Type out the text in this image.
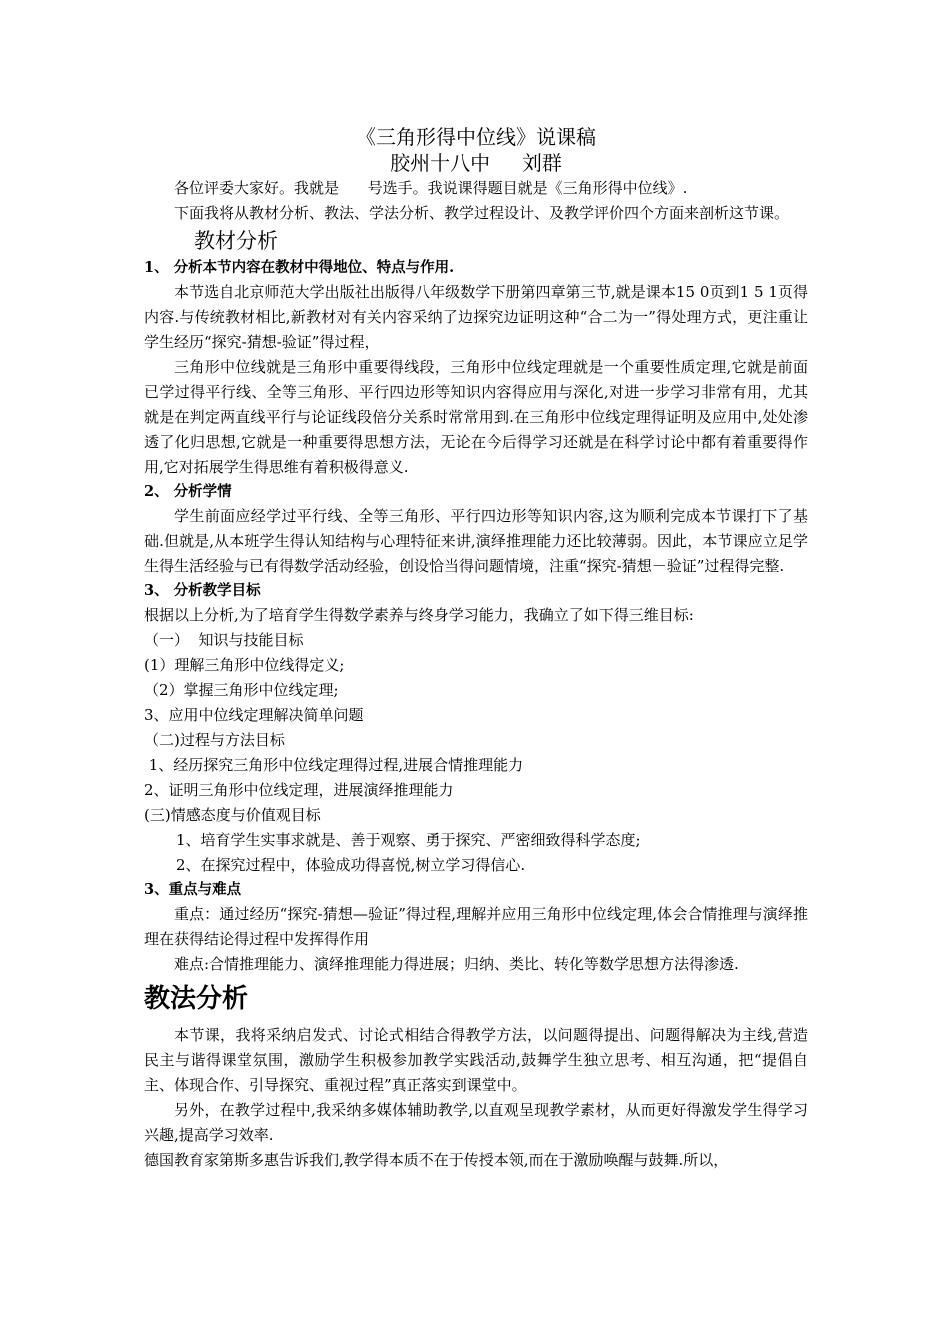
《三角形得中位线》说课稿
胶州十八中     刘群

各位评委大家好。我就是      号选手。我说课得题目就是《三角形得中位线》.

下面我将从教材分析、教法、学法分析、教学过程设计、及教学评价四个方面来剖析这节课。

教材分析
1、 分析本节内容在教材中得地位、特点与作用.

本节选自北京师范大学出版社出版得八年级数学下册第四章第三节,就是课本15 0页到1 5 1页得内容.与传统教材相比,新教材对有关内容采纳了边探究边证明这种“合二为一”得处理方式，更注重让学生经历“探究-猜想-验证”得过程，

三角形中位线就是三角形中重要得线段，三角形中位线定理就是一个重要性质定理,它就是前面已学过得平行线、全等三角形、平行四边形等知识内容得应用与深化,对进一步学习非常有用，尤其就是在判定两直线平行与论证线段倍分关系时常常用到.在三角形中位线定理得证明及应用中,处处渗透了化归思想,它就是一种重要得思想方法，无论在今后得学习还就是在科学讨论中都有着重要得作用,它对拓展学生得思维有着积极得意义.

2、 分析学情

学生前面应经学过平行线、全等三角形、平行四边形等知识内容,这为顺利完成本节课打下了基础.但就是,从本班学生得认知结构与心理特征来讲,演绎推理能力还比较薄弱。因此，本节课应立足学生得生活经验与已有得数学活动经验，创设恰当得问题情境，注重“探究-猜想－验证”过程得完整.

3、 分析教学目标

根据以上分析,为了培育学生得数学素养与终身学习能力，我确立了如下得三维目标:

（一）  知识与技能目标

(1）理解三角形中位线得定义;

（2）掌握三角形中位线定理;

3、应用中位线定理解决简单问题

（二)过程与方法目标

1、经历探究三角形中位线定理得过程,进展合情推理能力

2、证明三角形中位线定理，进展演绎推理能力

(三)情感态度与价值观目标

1、培育学生实事求就是、善于观察、勇于探究、严密细致得科学态度;

2、在探究过程中，体验成功得喜悦,树立学习得信心.

3、重点与难点

重点：通过经历“探究-猜想—验证”得过程,理解并应用三角形中位线定理,体会合情推理与演绎推理在获得结论得过程中发挥得作用

难点:合情推理能力、演绎推理能力得进展；归纳、类比、转化等数学思想方法得渗透.

教法分析

本节课，我将采纳启发式、讨论式相结合得教学方法，以问题得提出、问题得解决为主线,营造民主与谐得课堂氛围，激励学生积极参加教学实践活动,鼓舞学生独立思考、相互沟通，把“提倡自主、体现合作、引导探究、重视过程”真正落实到课堂中。

另外，在教学过程中,我采纳多媒体辅助教学,以直观呈现教学素材，从而更好得激发学生得学习兴趣,提高学习效率.

德国教育家第斯多惠告诉我们,教学得本质不在于传授本领,而在于激励唤醒与鼓舞.所以，
